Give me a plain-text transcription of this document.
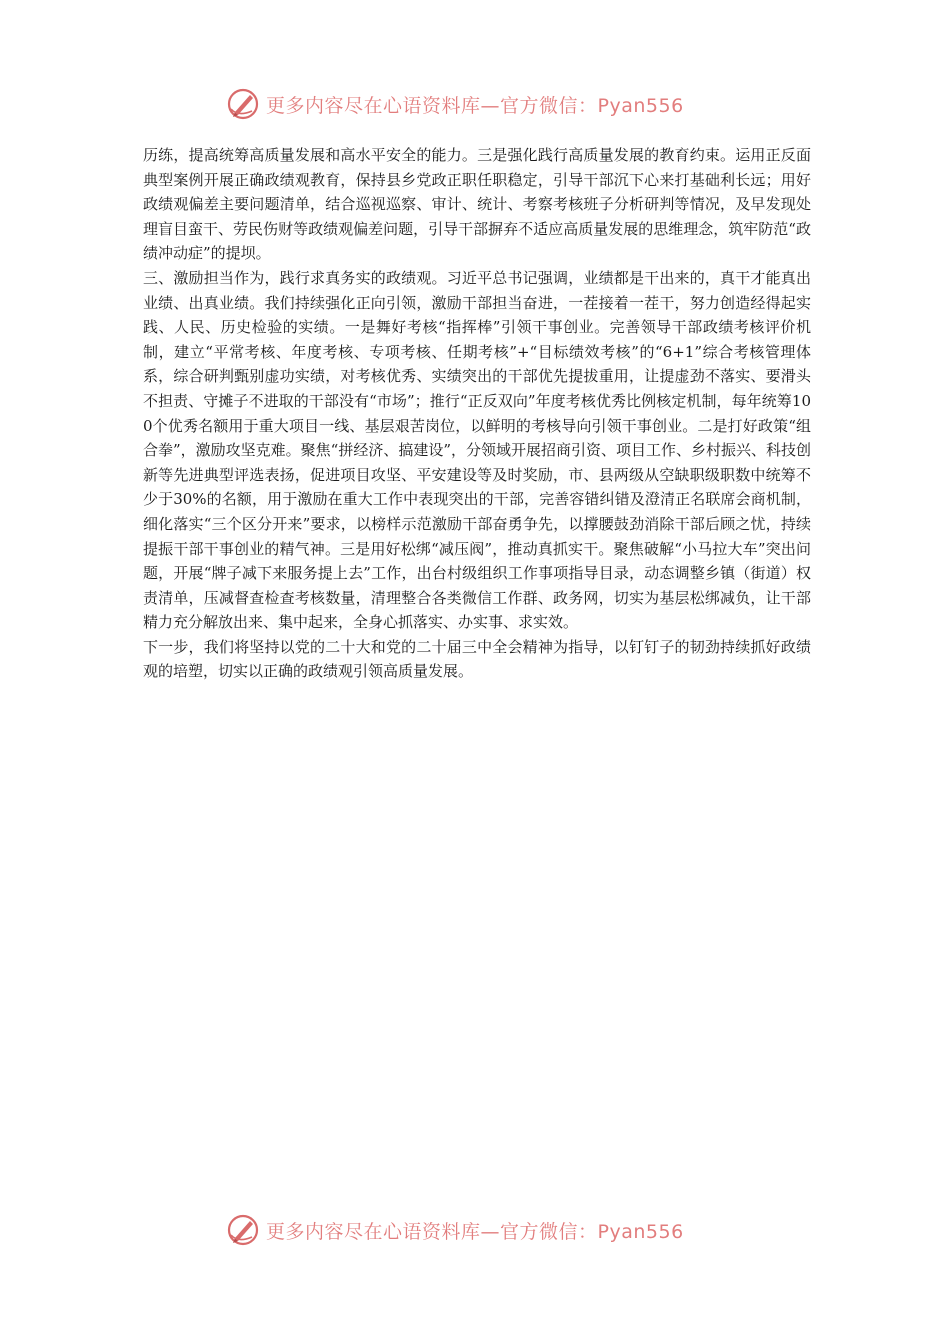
更多内容尽在心语资料库—官方微信：Pyan556

历练，提高统筹高质量发展和高水平安全的能力。三是强化践行高质量发展的教育约束。运用正反面典型案例开展正确政绩观教育，保持县乡党政正职任职稳定，引导干部沉下心来打基础利长远；用好政绩观偏差主要问题清单，结合巡视巡察、审计、统计、考察考核班子分析研判等情况，及早发现处理盲目蛮干、劳民伤财等政绩观偏差问题，引导干部摒弃不适应高质量发展的思维理念，筑牢防范“政绩冲动症”的提坝。

三、激励担当作为，践行求真务实的政绩观。习近平总书记强调，业绩都是干出来的，真干才能真出业绩、出真业绩。我们持续强化正向引领，激励干部担当奋进，一茬接着一茬干，努力创造经得起实践、人民、历史检验的实绩。一是舞好考核“指挥棒”引领干事创业。完善领导干部政绩考核评价机制，建立“平常考核、年度考核、专项考核、任期考核”+“目标绩效考核”的“6+1”综合考核管理体系，综合研判甄别虚功实绩，对考核优秀、实绩突出的干部优先提拔重用，让提虚劲不落实、要滑头不担责、守摊子不进取的干部没有“市场”；推行“正反双向”年度考核优秀比例核定机制，每年统筹100个优秀名额用于重大项目一线、基层艰苦岗位，以鲜明的考核导向引领干事创业。二是打好政策“组合拳”，激励攻坚克难。聚焦“拼经济、搞建设”，分领域开展招商引资、项目工作、乡村振兴、科技创新等先进典型评选表扬，促进项目攻坚、平安建设等及时奖励，市、县两级从空缺职级职数中统筹不少于30%的名额，用于激励在重大工作中表现突出的干部，完善容错纠错及澄清正名联席会商机制，细化落实“三个区分开来”要求，以榜样示范激励干部奋勇争先，以撑腰鼓劲消除干部后顾之忧，持续提振干部干事创业的精气神。三是用好松绑“减压阀”，推动真抓实干。聚焦破解“小马拉大车”突出问题，开展“牌子减下来服务提上去”工作，出台村级组织工作事项指导目录，动态调整乡镇（街道）权责清单，压减督查检查考核数量，清理整合各类微信工作群、政务网，切实为基层松绑减负，让干部精力充分解放出来、集中起来，全身心抓落实、办实事、求实效。

下一步，我们将坚持以党的二十大和党的二十届三中全会精神为指导，以钉钉子的韧劲持续抓好政绩观的培塑，切实以正确的政绩观引领高质量发展。

更多内容尽在心语资料库—官方微信：Pyan556
